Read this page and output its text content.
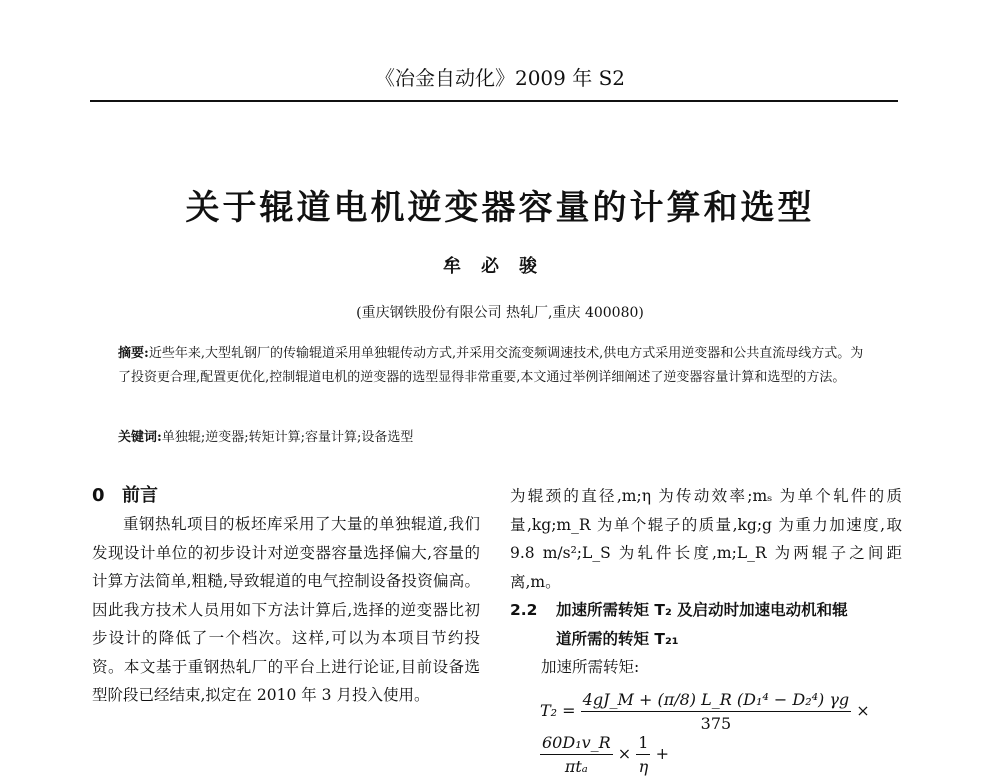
《冶金自动化》2009 年 S2
关于辊道电机逆变器容量的计算和选型
牟必骏
(重庆钢铁股份有限公司 热轧厂,重庆 400080)
摘要:近些年来,大型轧钢厂的传输辊道采用单独辊传动方式,并采用交流变频调速技术,供电方式采用逆变器和公共直流母线方式。为了投资更合理,配置更优化,控制辊道电机的逆变器的选型显得非常重要,本文通过举例详细阐述了逆变器容量计算和选型的方法。
关键词:单独辊;逆变器;转矩计算;容量计算;设备选型
0 前言
重钢热轧项目的板坯库采用了大量的单独辊道,我们发现设计单位的初步设计对逆变器容量选择偏大,容量的计算方法简单,粗糙,导致辊道的电气控制设备投资偏高。因此我方技术人员用如下方法计算后,选择的逆变器比初步设计的降低了一个档次。这样,可以为本项目节约投资。本文基于重钢热轧厂的平台上进行论证,目前设备选型阶段已经结束,拟定在 2010 年 3 月投入使用。
为辊颈的直径,m;η 为传动效率;mₛ 为单个轧件的质量,kg;m_R 为单个辊子的质量,kg;g 为重力加速度,取 9.8 m/s²;L_S 为轧件长度,m;L_R 为两辊子之间距离,m。
2.2 加速所需转矩 T₂ 及启动时加速电动机和辊
道所需的转矩 T₂₁
加速所需转矩:
$T_2 = \frac{\text{4gJ\_M + (π/8) L\_R (D₁⁴ − D₂⁴) γg}}{375}$ ×
$\frac{\text{60D₁v\_R}}{\text{πtₐ}} \times \frac{1}{\eta}$ +
